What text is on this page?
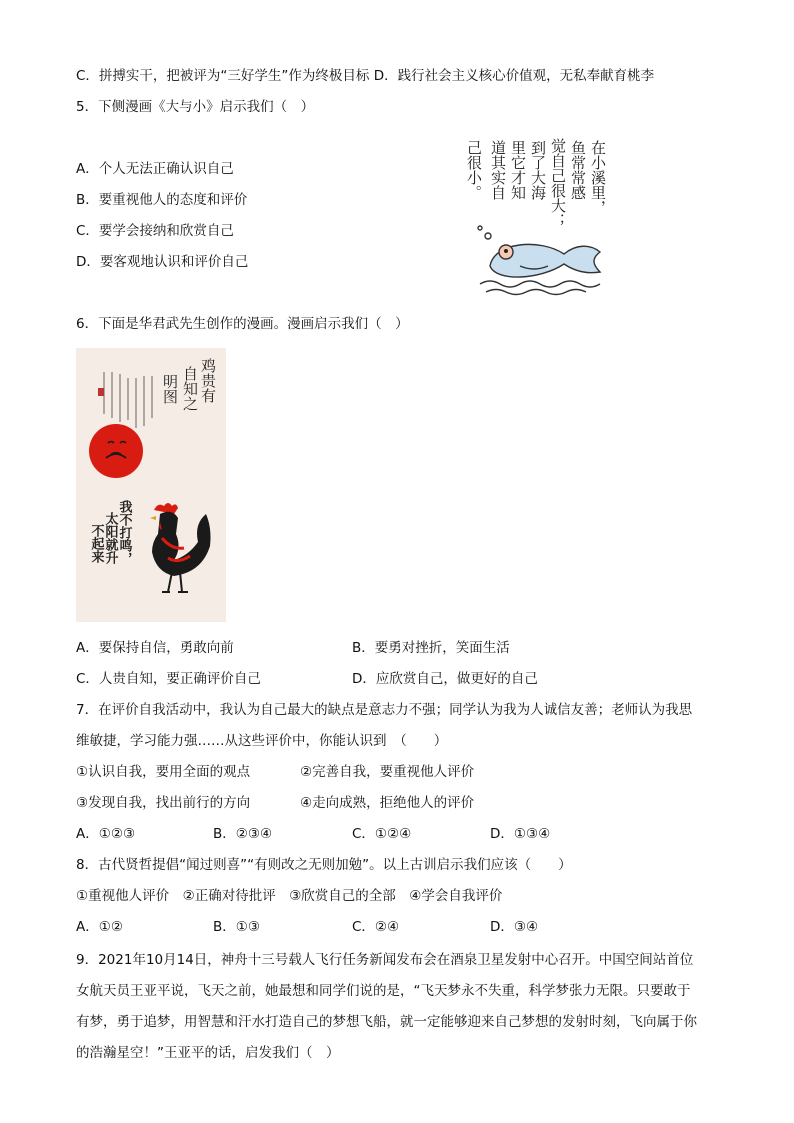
C．拼搏实干，把被评为“三好学生”作为终极目标 D．践行社会主义核心价值观，无私奉献育桃李
5．下侧漫画《大与小》启示我们（　）
A．个人无法正确认识自己
B．要重视他人的态度和评价
C．要学会接纳和欣赏自己
D．要客观地认识和评价自己
在小溪里，
鱼常常感
觉自己很大；
到了大海
里它才知
道其实自
己很小。
6．下面是华君武先生创作的漫画。漫画启示我们（　）
鸡贵有
自知之
明图
我不打鸣，
太阳就升
不起来
A．要保持自信，勇敢向前	B．要勇对挫折，笑面生活
C．人贵自知，要正确评价自己	D．应欣赏自己，做更好的自己
7．在评价自我活动中，我认为自己最大的缺点是意志力不强；同学认为我为人诚信友善；老师认为我思
维敏捷，学习能力强……从这些评价中，你能认识到　（　　）
①认识自我，要用全面的观点	②完善自我，要重视他人评价
③发现自我，找出前行的方向	④走向成熟，拒绝他人的评价
A．①②③	B．②③④	C．①②④	D．①③④
8．古代贤哲提倡“闻过则喜”“有则改之无则加勉”。以上古训启示我们应该（　　）
①重视他人评价　②正确对待批评　③欣赏自己的全部　④学会自我评价
A．①②	B．①③	C．②④	D．③④
9．2021年10月14日，神舟十三号载人飞行任务新闻发布会在酒泉卫星发射中心召开。中国空间站首位
女航天员王亚平说，飞天之前，她最想和同学们说的是，“飞天梦永不失重，科学梦张力无限。只要敢于
有梦，勇于追梦，用智慧和汗水打造自己的梦想飞船，就一定能够迎来自己梦想的发射时刻，飞向属于你
的浩瀚星空！”王亚平的话，启发我们（　）
